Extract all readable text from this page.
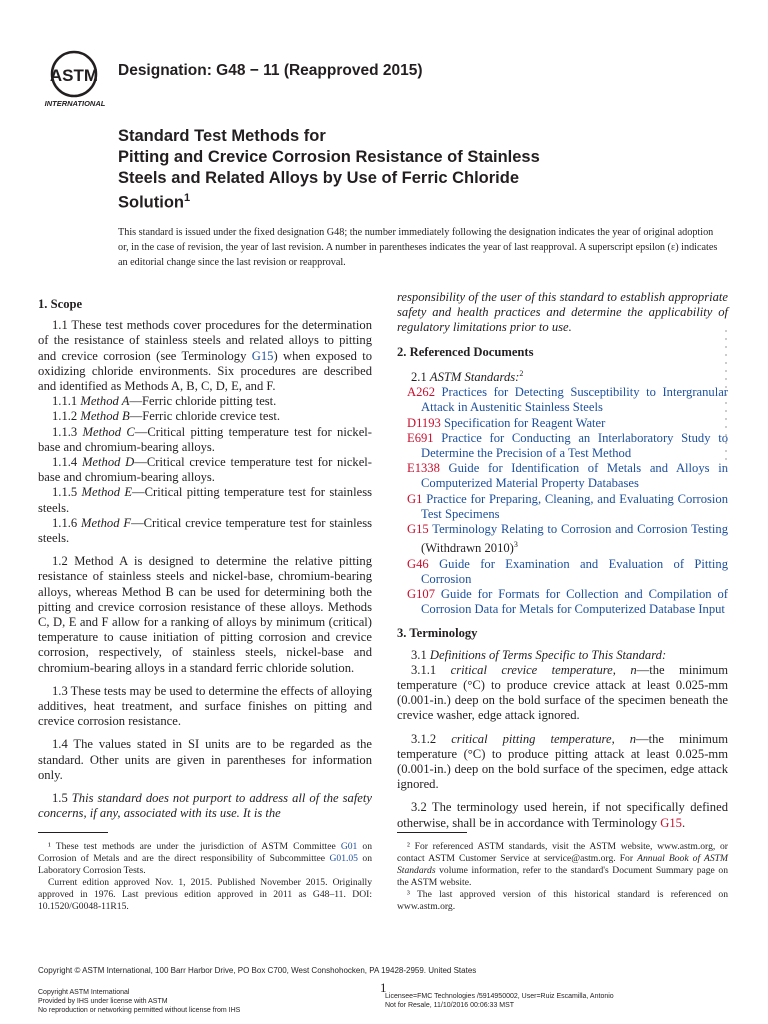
ASTM
INTERNATIONAL
Designation: G48 − 11 (Reapproved 2015)
Standard Test Methods for
Pitting and Crevice Corrosion Resistance of Stainless
Steels and Related Alloys by Use of Ferric Chloride
Solution$^1$
This standard is issued under the fixed designation G48; the number immediately following the designation indicates the year of original adoption or, in the case of revision, the year of last revision. A number in parentheses indicates the year of last reapproval. A superscript epsilon (ε) indicates an editorial change since the last revision or reapproval.
1. Scope

1.1 These test methods cover procedures for the determination of the resistance of stainless steels and related alloys to pitting and crevice corrosion (see Terminology G15) when exposed to oxidizing chloride environments. Six procedures are described and identified as Methods A, B, C, D, E, and F.

1.1.1 Method A—Ferric chloride pitting test.

1.1.2 Method B—Ferric chloride crevice test.

1.1.3 Method C—Critical pitting temperature test for nickel-base and chromium-bearing alloys.

1.1.4 Method D—Critical crevice temperature test for nickel-base and chromium-bearing alloys.

1.1.5 Method E—Critical pitting temperature test for stainless steels.

1.1.6 Method F—Critical crevice temperature test for stainless steels.

1.2 Method A is designed to determine the relative pitting resistance of stainless steels and nickel-base, chromium-bearing alloys, whereas Method B can be used for determining both the pitting and crevice corrosion resistance of these alloys. Methods C, D, E and F allow for a ranking of alloys by minimum (critical) temperature to cause initiation of pitting corrosion and crevice corrosion, respectively, of stainless steels, nickel-base and chromium-bearing alloys in a standard ferric chloride solution.

1.3 These tests may be used to determine the effects of alloying additives, heat treatment, and surface finishes on pitting and crevice corrosion resistance.

1.4 The values stated in SI units are to be regarded as the standard. Other units are given in parentheses for information only.

1.5 This standard does not purport to address all of the safety concerns, if any, associated with its use. It is the

responsibility of the user of this standard to establish appropriate safety and health practices and determine the applicability of regulatory limitations prior to use.

2. Referenced Documents

2.1 ASTM Standards:$^2$

A262 Practices for Detecting Susceptibility to Intergranular Attack in Austenitic Stainless Steels

D1193 Specification for Reagent Water

E691 Practice for Conducting an Interlaboratory Study to Determine the Precision of a Test Method

E1338 Guide for Identification of Metals and Alloys in Computerized Material Property Databases

G1 Practice for Preparing, Cleaning, and Evaluating Corrosion Test Specimens

G15 Terminology Relating to Corrosion and Corrosion Testing (Withdrawn 2010)$^3$

G46 Guide for Examination and Evaluation of Pitting Corrosion

G107 Guide for Formats for Collection and Compilation of Corrosion Data for Metals for Computerized Database Input

3. Terminology

3.1 Definitions of Terms Specific to This Standard:

3.1.1 critical crevice temperature, n—the minimum temperature (°C) to produce crevice attack at least 0.025-mm (0.001-in.) deep on the bold surface of the specimen beneath the crevice washer, edge attack ignored.

3.1.2 critical pitting temperature, n—the minimum temperature (°C) to produce pitting attack at least 0.025-mm (0.001-in.) deep on the bold surface of the specimen, edge attack ignored.

3.2 The terminology used herein, if not specifically defined otherwise, shall be in accordance with Terminology G15.

¹ These test methods are under the jurisdiction of ASTM Committee G01 on Corrosion of Metals and are the direct responsibility of Subcommittee G01.05 on Laboratory Corrosion Tests.

Current edition approved Nov. 1, 2015. Published November 2015. Originally approved in 1976. Last previous edition approved in 2011 as G48–11. DOI: 10.1520/G0048-11R15.

² For referenced ASTM standards, visit the ASTM website, www.astm.org, or contact ASTM Customer Service at service@astm.org. For Annual Book of ASTM Standards volume information, refer to the standard's Document Summary page on the ASTM website.

³ The last approved version of this historical standard is referenced on www.astm.org.

Copyright © ASTM International, 100 Barr Harbor Drive, PO Box C700, West Conshohocken, PA 19428-2959. United States
Copyright ASTM International
Provided by IHS under license with ASTM
No reproduction or networking permitted without license from IHS
1
Licensee=FMC Technologies /5914950002, User=Ruiz Escamilla, Antonio
Not for Resale, 11/10/2016 00:06:33 MST
